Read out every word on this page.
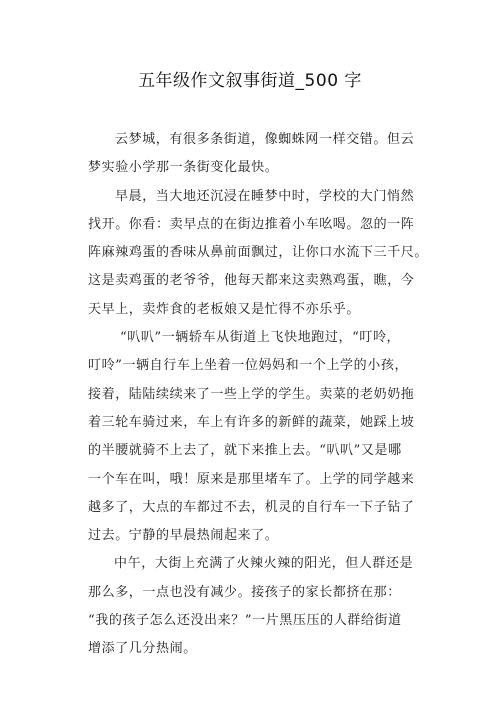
五年级作文叙事街道_500 字
云梦城，有很多条街道，像蜘蛛网一样交错。但云
梦实验小学那一条街变化最快。
早晨，当大地还沉浸在睡梦中时，学校的大门悄然
找开。你看：卖早点的在街边推着小车吆喝。忽的一阵
阵麻辣鸡蛋的香味从鼻前面飘过，让你口水流下三千尺。
这是卖鸡蛋的老爷爷，他每天都来这卖熟鸡蛋，瞧，今
天早上，卖炸食的老板娘又是忙得不亦乐乎。
“叭叭”一辆轿车从街道上飞快地跑过，“叮呤，
叮呤”一辆自行车上坐着一位妈妈和一个上学的小孩，
接着，陆陆续续来了一些上学的学生。卖菜的老奶奶拖
着三轮车骑过来，车上有许多的新鲜的蔬菜，她踩上坡
的半腰就骑不上去了，就下来推上去。“叭叭”又是哪
一个车在叫，哦！原来是那里堵车了。上学的同学越来
越多了，大点的车都过不去，机灵的自行车一下子钻了
过去。宁静的早晨热闹起来了。
中午，大街上充满了火辣火辣的阳光，但人群还是
那么多，一点也没有减少。接孩子的家长都挤在那：
“我的孩子怎么还没出来？”一片黑压压的人群给街道
增添了几分热闹。
